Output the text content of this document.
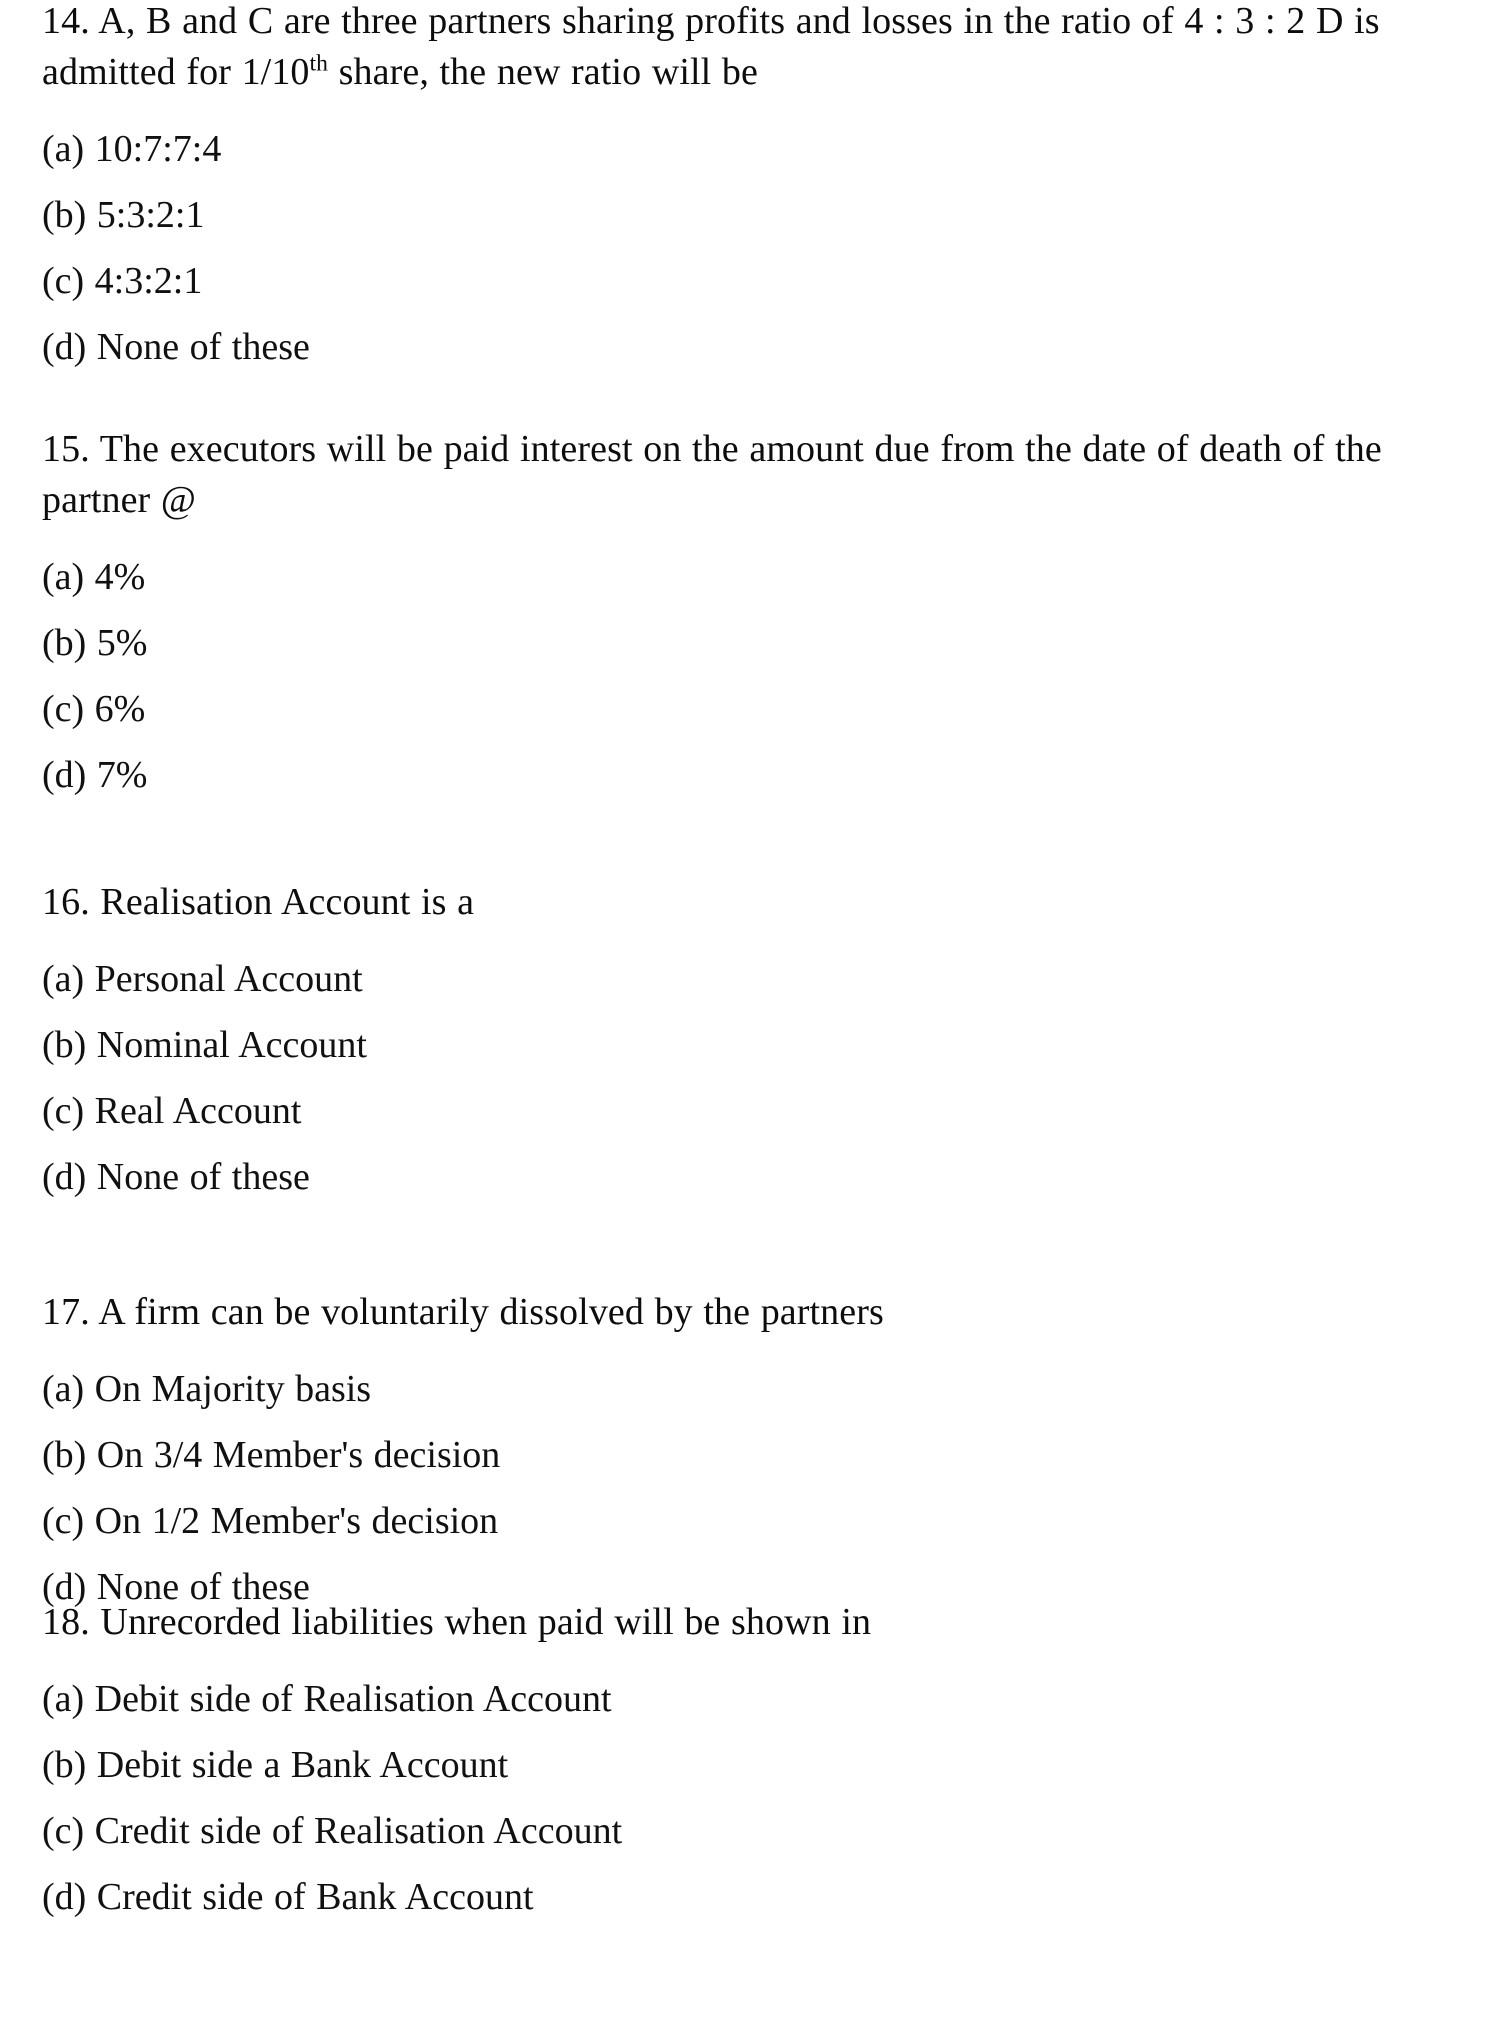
14. A, B and C are three partners sharing profits and losses in the ratio of 4 : 3 : 2 D is admitted for 1/10th share, the new ratio will be

(a) 10:7:7:4

(b) 5:3:2:1

(c) 4:3:2:1

(d) None of these

15. The executors will be paid interest on the amount due from the date of death of the partner @

(a) 4%

(b) 5%

(c) 6%

(d) 7%

16. Realisation Account is a

(a) Personal Account

(b) Nominal Account

(c) Real Account

(d) None of these

17. A firm can be voluntarily dissolved by the partners

(a) On Majority basis

(b) On 3/4 Member's decision

(c) On 1/2 Member's decision

(d) None of these

18. Unrecorded liabilities when paid will be shown in

(a) Debit side of Realisation Account

(b) Debit side a Bank Account

(c) Credit side of Realisation Account

(d) Credit side of Bank Account
